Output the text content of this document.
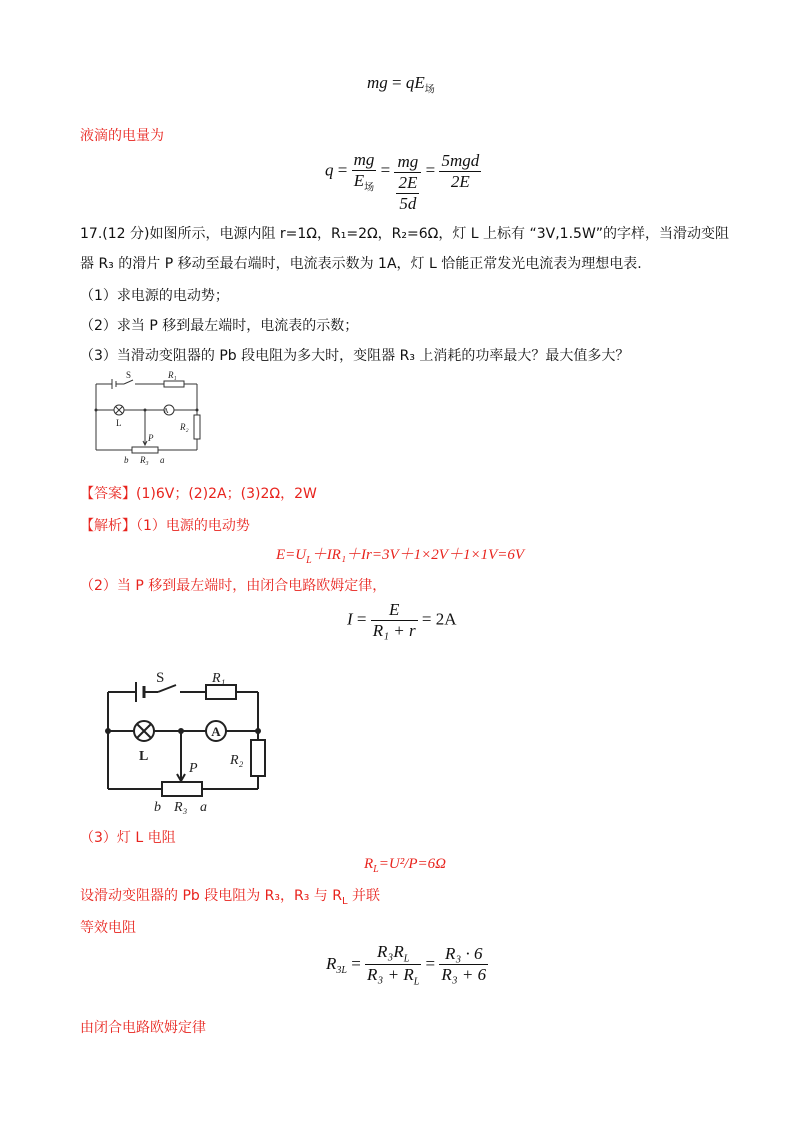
mg = $qE_场$
液滴的电量为
$q = \frac{mg}{E_场} = \frac{mg}{\frac{2E}{5d}} = \frac{\text{5mgd}}{2E}$
17.(12 分)如图所示，电源内阻 r=1Ω，R₁=2Ω，R₂=6Ω，灯 L 上标有 “3V,1.5W”的字样，当滑动变阻
器 R₃ 的滑片 P 移动至最右端时，电流表示数为 1A，灯 L 恰能正常发光电流表为理想电表.
（1）求电源的电动势；
（2）求当 P 移到最左端时，电流表的示数；
（3）当滑动变阻器的 Pb 段电阻为多大时，变阻器 R₃ 上消耗的功率最大？最大值多大？
S	R₁
A
L	R₂
P
b R₃ a
【答案】(1)6V；(2)2A；(3)2Ω，2W
【解析】（1）电源的电动势
$E=U_L+IR_1+Ir=3V+1\times 2V+1\times 1V=6V$
（2）当 P 移到最左端时，由闭合电路欧姆定律，
$I = \frac{E}{\text{R₁ + r}} = 2A$
S	R₁
A
L	R₂
P
b R₃ a
（3）灯 L 电阻
$R_L=U^2/P=6\Omega$
设滑动变阻器的 Pb 段电阻为 R₃，R₃ 与 $R_L$ 并联
等效电阻
$R_{3L} = \frac{R_3R_L}{R_3 + R_L} = \frac{\text{R₃ · 6}}{\text{R₃ + 6}}$
由闭合电路欧姆定律
